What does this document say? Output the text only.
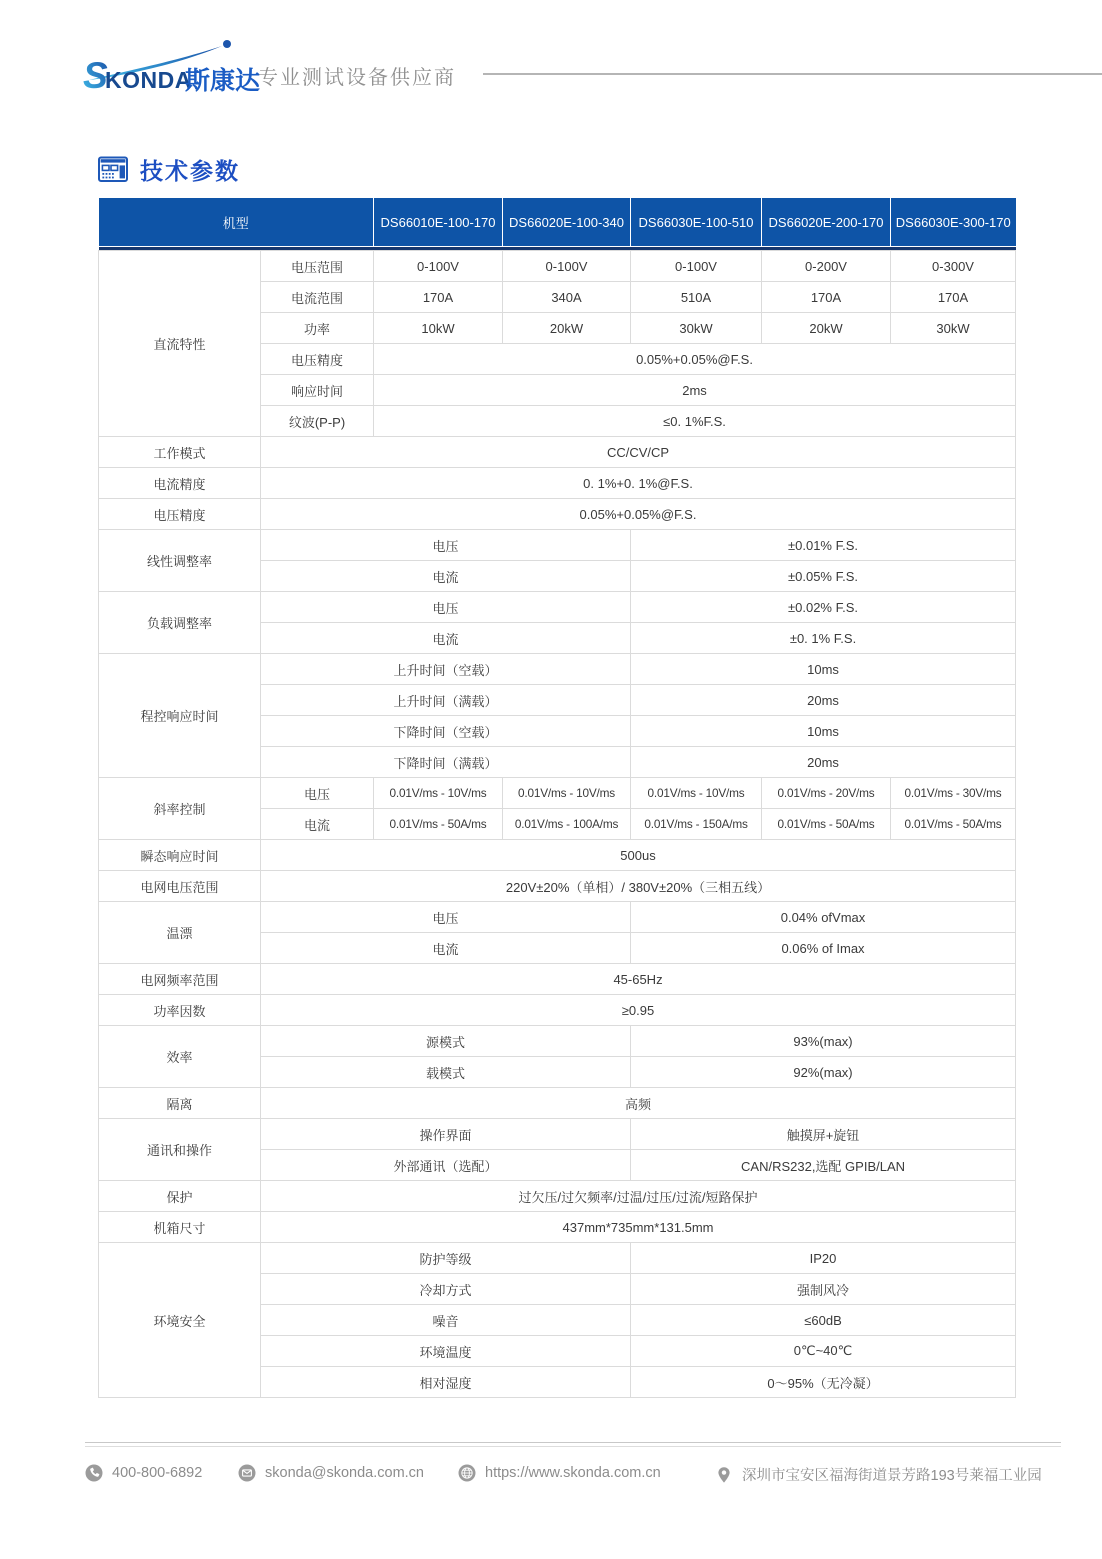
S
KONDA
斯康达
专业测试设备供应商
技术参数
机型		DS66010E-100-170	DS66020E-100-340	DS66030E-100-510	DS66020E-200-170	DS66030E-300-170

直流特性	电压范围	0-100V	0-100V	0-100V	0-200V	0-300V
	电流范围	170A	340A	510A	170A	170A
	功率	10kW	20kW	30kW	20kW	30kW
	电压精度	0.05%+0.05%@F.S.				
	响应时间	2ms				
	纹波(P-P)	≤0. 1%F.S.				
工作模式	CC/CV/CP					
电流精度	0. 1%+0. 1%@F.S.					
电压精度	0.05%+0.05%@F.S.					
线性调整率	电压			±0.01% F.S.		
	电流			±0.05% F.S.		
负载调整率	电压			±0.02% F.S.		
	电流			±0. 1% F.S.		
程控响应时间	上升时间（空载）			10ms		
	上升时间（满载）			20ms		
	下降时间（空载）			10ms		
	下降时间（满载）			20ms		
斜率控制	电压	0.01V/ms - 10V/ms	0.01V/ms - 10V/ms	0.01V/ms - 10V/ms	0.01V/ms - 20V/ms	0.01V/ms - 30V/ms
	电流	0.01V/ms - 50A/ms	0.01V/ms - 100A/ms	0.01V/ms - 150A/ms	0.01V/ms - 50A/ms	0.01V/ms - 50A/ms
瞬态响应时间	500us					
电网电压范围	220V±20%（单相）/ 380V±20%（三相五线）					
温漂	电压			0.04% ofVmax		
	电流			0.06% of Imax		
电网频率范围	45-65Hz					
功率因数	≥0.95					
效率	源模式			93%(max)		
	载模式			92%(max)		
隔离	高频					
通讯和操作	操作界面			触摸屏+旋钮		
	外部通讯（选配）			CAN/RS232,选配 GPIB/LAN		
保护	过欠压/过欠频率/过温/过压/过流/短路保护					
机箱尺寸	437mm*735mm*131.5mm					
环境安全	防护等级			IP20		
	冷却方式			强制风冷		
	噪音			≤60dB		
	环境温度			0℃~40℃		
	相对湿度			0～95%（无冷凝）		
400-800-6892	skonda@skonda.com.cn	https://www.skonda.com.cn	深圳市宝安区福海街道景芳路193号莱福工业园
